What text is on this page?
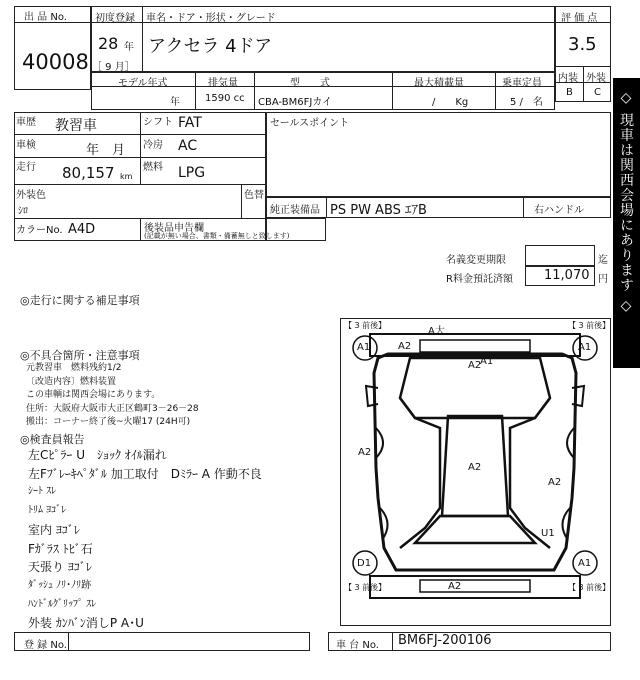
出 品 No.
40008
初度登録
28 年
［ 9 月］
車名・ドア・形状・グレード
アクセラ 4ドア
評 価 点
3.5
内装 外装
B C
モデル年式
年
排気量
1590 cc
型　　式
CBA-BM6FJカイ
最大積載量
/　　Kg
乗車定員
5 /　名
車歴 教習車	シフト FAT
車検	年　月 冷房 AC
走行 80,157 km
燃料 LPG
外装色
ｼﾛ
色替
カラーNo. A4D	後装品申告欄
(記載が無い場合、書類・備蓄無しと致します)
セールスポイント
純正装備品 PS PW ABS ｴｱB	右ハンドル
名義変更期限	迄
R料金預託済額 11,070 円 ◇ 現車は関西会場にあります ◇
◎走行に関する補足事項
◎不具合箇所・注意事項
元教習車　燃料残約1/2
〔改造内容〕燃料装置
この車輌は関西会場にあります。
住所：大阪府大阪市大正区鶴町3－26－28
搬出：コーナー終了後~火曜17 (24H可)
◎検査員報告
左Cﾋﾟﾗｰ U　ｼｮｯｸ ｵｲﾙ漏れ
左Fﾌﾞﾚｰｷﾍﾟﾀﾞﾙ 加工取付　Dﾐﾗｰ A 作動不良
ｼｰﾄ ｽﾚ
ﾄﾘﾑ ﾖｺﾞﾚ
室内 ﾖｺﾞﾚ
Fｶﾞﾗｽ ﾄﾋﾞ石
天張り ﾖｺﾞﾚ
ﾀﾞｯｼｭ ﾉﾘ･ﾉﾘ跡
ﾊﾝﾄﾞﾙｸﾞﾘｯﾌﾟ ｽﾚ
外装 ｶﾝﾊﾞﾝ消しP A･U
【 3 前後】	【 3 前後】
【 3 前後】	【 3 前後】
A大
A2
A1
A1	A1
A2
A2
A2
A2
U1
D1	A1
A2
登 録 No.	車 台 No. BM6FJ-200106
